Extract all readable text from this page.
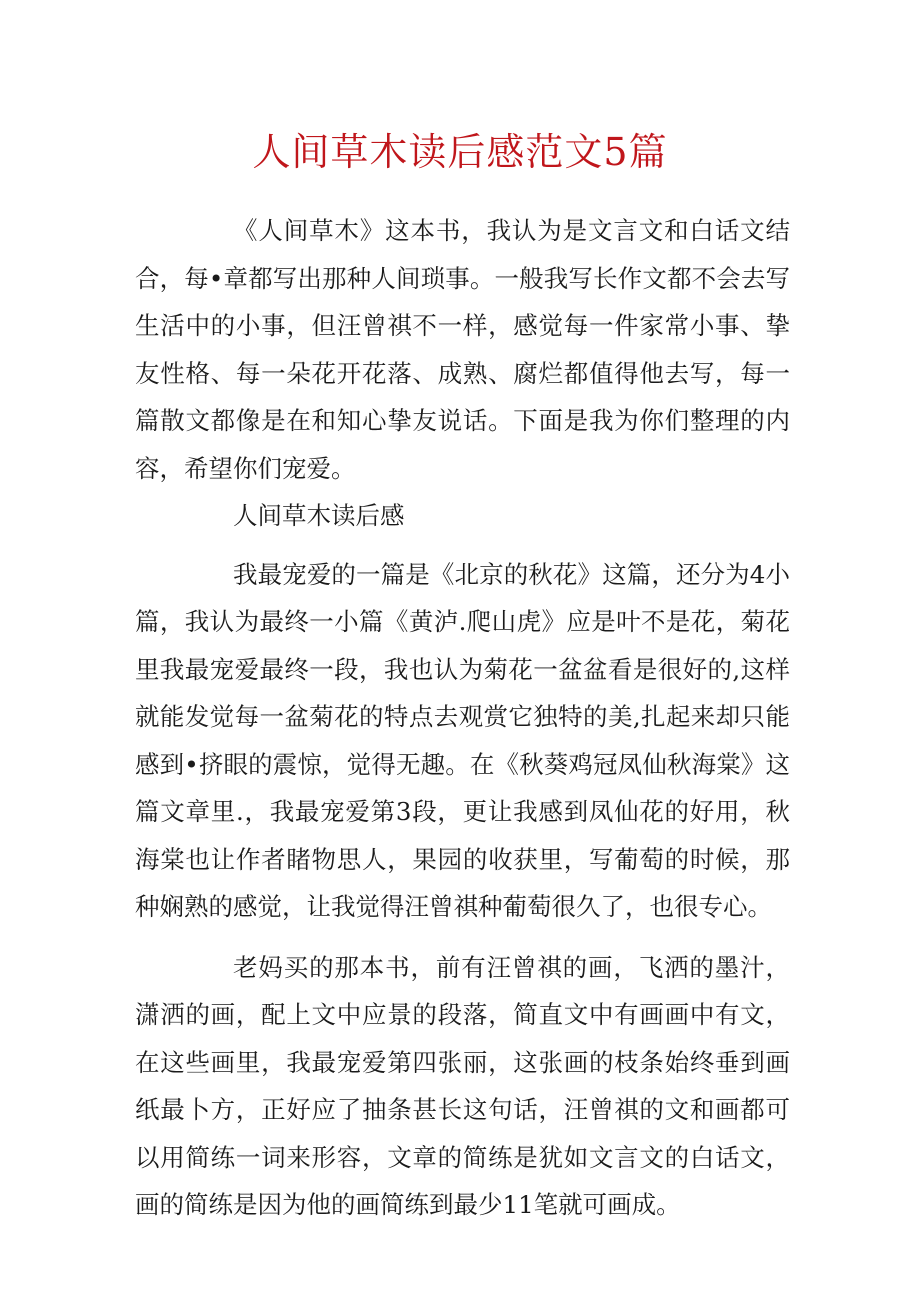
人间草木读后感范文5篇

《人间草木》这本书，我认为是文言文和白话文结合，每•章都写出那种人间琐事。一般我写长作文都不会去写生活中的小事，但汪曾祺不一样，感觉每一件家常小事、挚友性格、每一朵花开花落、成熟、腐烂都值得他去写，每一篇散文都像是在和知心挚友说话。下面是我为你们整理的内容，希望你们宠爱。

人间草木读后感

我最宠爱的一篇是《北京的秋花》这篇，还分为4小篇，我认为最终一小篇《黄泸.爬山虎》应是叶不是花，菊花里我最宠爱最终一段，我也认为菊花一盆盆看是很好的,这样就能发觉每一盆菊花的特点去观赏它独特的美,扎起来却只能感到•挤眼的震惊，觉得无趣。在《秋葵鸡冠凤仙秋海棠》这篇文章里.，我最宠爱第3段，更让我感到凤仙花的好用，秋海棠也让作者睹物思人，果园的收获里，写葡萄的时候，那种娴熟的感觉，让我觉得汪曾祺种葡萄很久了，也很专心。

老妈买的那本书，前有汪曾祺的画，飞洒的墨汁，潇洒的画，配上文中应景的段落，简直文中有画画中有文，在这些画里，我最宠爱第四张丽，这张画的枝条始终垂到画纸最卜方，正好应了抽条甚长这句话，汪曾祺的文和画都可以用简练一词来形容，文章的简练是犹如文言文的白话文，画的简练是因为他的画简练到最少11笔就可画成。
